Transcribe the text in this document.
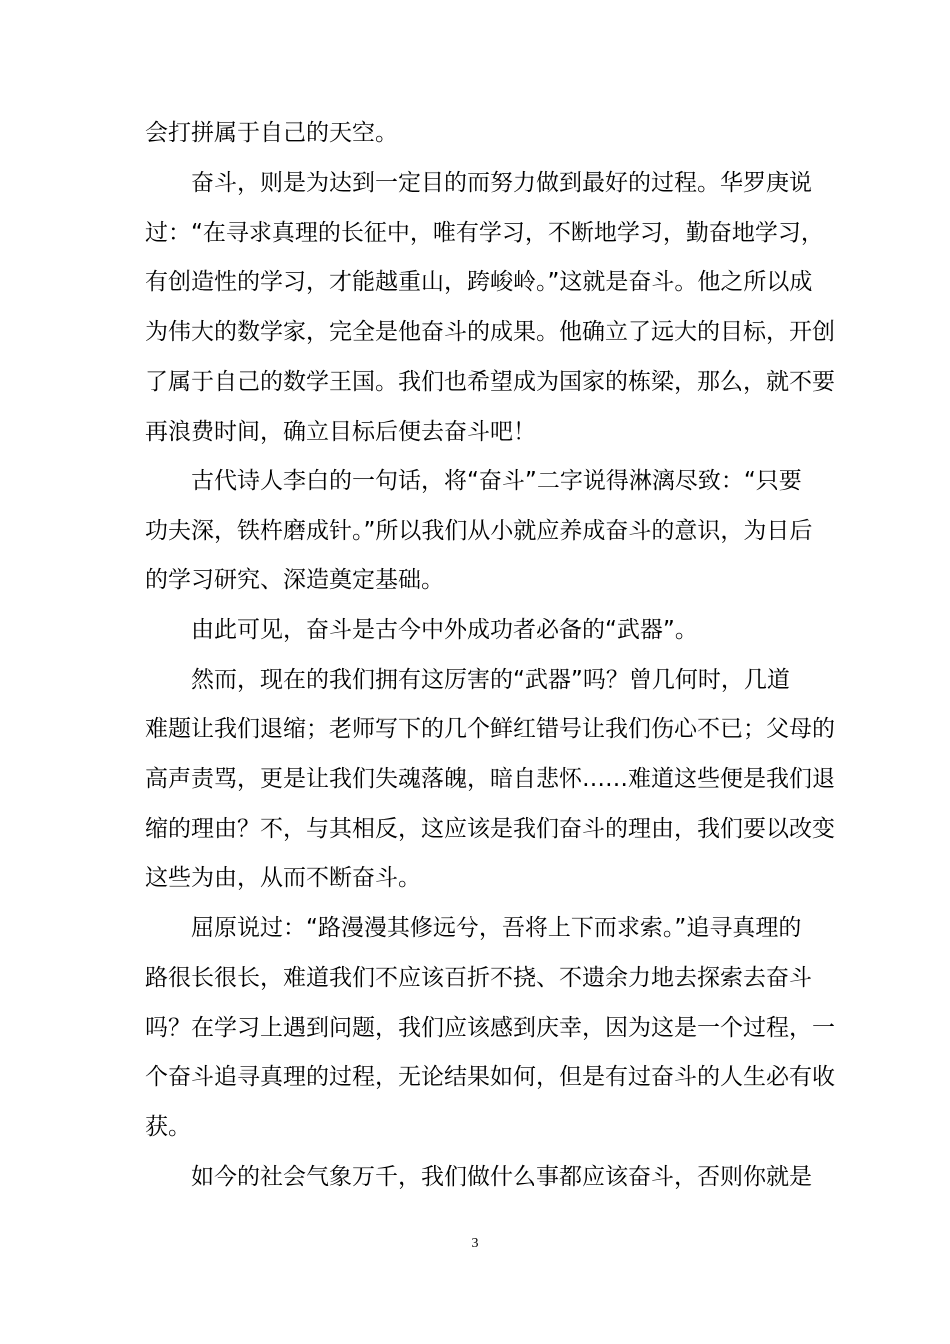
会打拼属于自己的天空。
　　奋斗，则是为达到一定目的而努力做到最好的过程。华罗庚说
过：“在寻求真理的长征中，唯有学习，不断地学习，勤奋地学习，
有创造性的学习，才能越重山，跨峻岭。”这就是奋斗。他之所以成
为伟大的数学家，完全是他奋斗的成果。他确立了远大的目标，开创
了属于自己的数学王国。我们也希望成为国家的栋梁，那么，就不要
再浪费时间，确立目标后便去奋斗吧！
　　古代诗人李白的一句话，将“奋斗”二字说得淋漓尽致：“只要
功夫深，铁杵磨成针。”所以我们从小就应养成奋斗的意识，为日后
的学习研究、深造奠定基础。
　　由此可见，奋斗是古今中外成功者必备的“武器”。
　　然而，现在的我们拥有这厉害的“武器”吗？曾几何时，几道
难题让我们退缩；老师写下的几个鲜红错号让我们伤心不已；父母的
高声责骂，更是让我们失魂落魄，暗自悲怀……难道这些便是我们退
缩的理由？不，与其相反，这应该是我们奋斗的理由，我们要以改变
这些为由，从而不断奋斗。
　　屈原说过：“路漫漫其修远兮，吾将上下而求索。”追寻真理的
路很长很长，难道我们不应该百折不挠、不遗余力地去探索去奋斗
吗？在学习上遇到问题，我们应该感到庆幸，因为这是一个过程，一
个奋斗追寻真理的过程，无论结果如何，但是有过奋斗的人生必有收
获。
　　如今的社会气象万千，我们做什么事都应该奋斗，否则你就是
3
